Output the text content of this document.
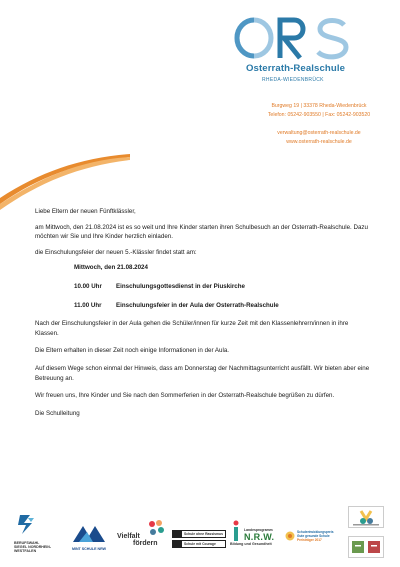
Osterrath-Realschule
RHEDA-WIEDENBRÜCK
Burgweg 19 | 33378 Rheda-Wiedenbrück
Telefon: 05242-903550 | Fax: 05242-903520
verwaltung@osterrath-realschule.de
www.osterrath-realschule.de

Liebe Eltern der neuen Fünftklässler,

am Mittwoch, den 21.08.2024 ist es so weit und Ihre Kinder starten ihren Schulbesuch an der Osterrath-Realschule. Dazu möchten wir Sie und Ihre Kinder herzlich einladen.

die Einschulungsfeier der neuen 5.-Klässler findet statt am:

Mittwoch, den 21.08.2024

10.00 Uhr Einschulungsgottesdienst in der Piuskirche

11.00 Uhr Einschulungsfeier in der Aula der Osterrath-Realschule

Nach der Einschulungsfeier in der Aula gehen die Schüler/innen für kurze Zeit mit den Klassenlehrern/innen in ihre Klassen.

Die Eltern erhalten in dieser Zeit noch einige Informationen in der Aula.

Auf diesem Wege schon einmal der Hinweis, dass am Donnerstag der Nachmittagsunterricht ausfällt. Wir bieten aber eine Betreuung an.

Wir freuen uns, Ihre Kinder und Sie nach den Sommerferien in der Osterrath-Realschule begrüßen zu dürfen.

Die Schulleitung

BERUFSWAHL SIEGEL NORDRHEIN-WESTFALEN
MINT SCHULE NRW
Vielfalt
fördern
Schule ohne Rassismus
Schule mit Courage
Landesprogramm
N.R.W.
Bildung und Gesundheit
Schulentwicklungspreis
Gute gesunde Schule
Preisträger 2017
